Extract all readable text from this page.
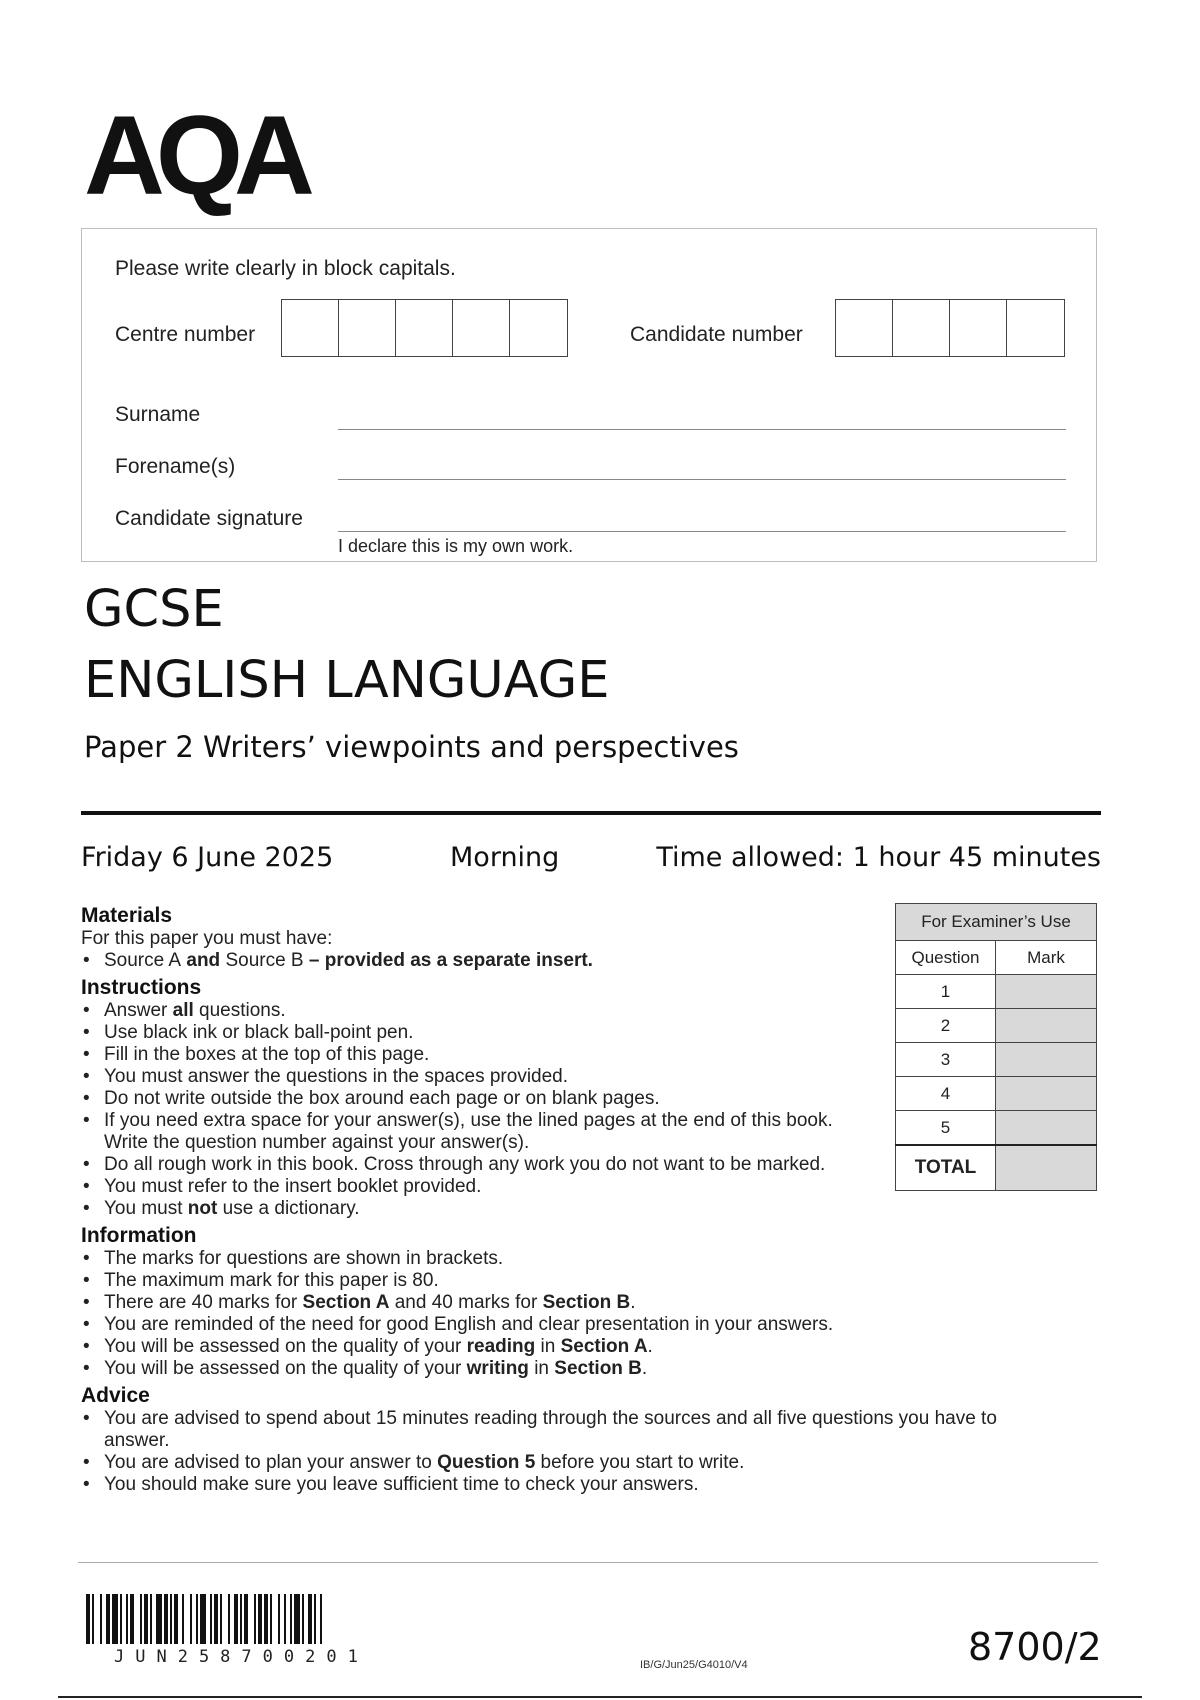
AQA
Please write clearly in block capitals.
Centre number	Candidate number
Surname
Forename(s)
Candidate signature
I declare this is my own work.
GCSE
ENGLISH LANGUAGE
Paper 2 Writers’ viewpoints and perspectives
Friday 6 June 2025	Morning	Time allowed: 1 hour 45 minutes
Materials
For this paper you must have:
• Source A and Source B – provided as a separate insert.
Instructions
• Answer all questions.
• Use black ink or black ball-point pen.
• Fill in the boxes at the top of this page.
• You must answer the questions in the spaces provided.
• Do not write outside the box around each page or on blank pages.
• If you need extra space for your answer(s), use the lined pages at the end of this book. Write the question number against your answer(s).
• Do all rough work in this book. Cross through any work you do not want to be marked.
• You must refer to the insert booklet provided.
• You must not use a dictionary.
Information
• The marks for questions are shown in brackets.
• The maximum mark for this paper is 80.
• There are 40 marks for Section A and 40 marks for Section B.
• You are reminded of the need for good English and clear presentation in your answers.
• You will be assessed on the quality of your reading in Section A.
• You will be assessed on the quality of your writing in Section B.
Advice
• You are advised to spend about 15 minutes reading through the sources and all five questions you have to answer.
• You are advised to plan your answer to Question 5 before you start to write.
• You should make sure you leave sufficient time to check your answers.
For Examiner’s Use	
Question	Mark
1	
2	
3	
4	
5	
TOTAL	
JUN258700201	IB/G/Jun25/G4010/V4	8700/2
